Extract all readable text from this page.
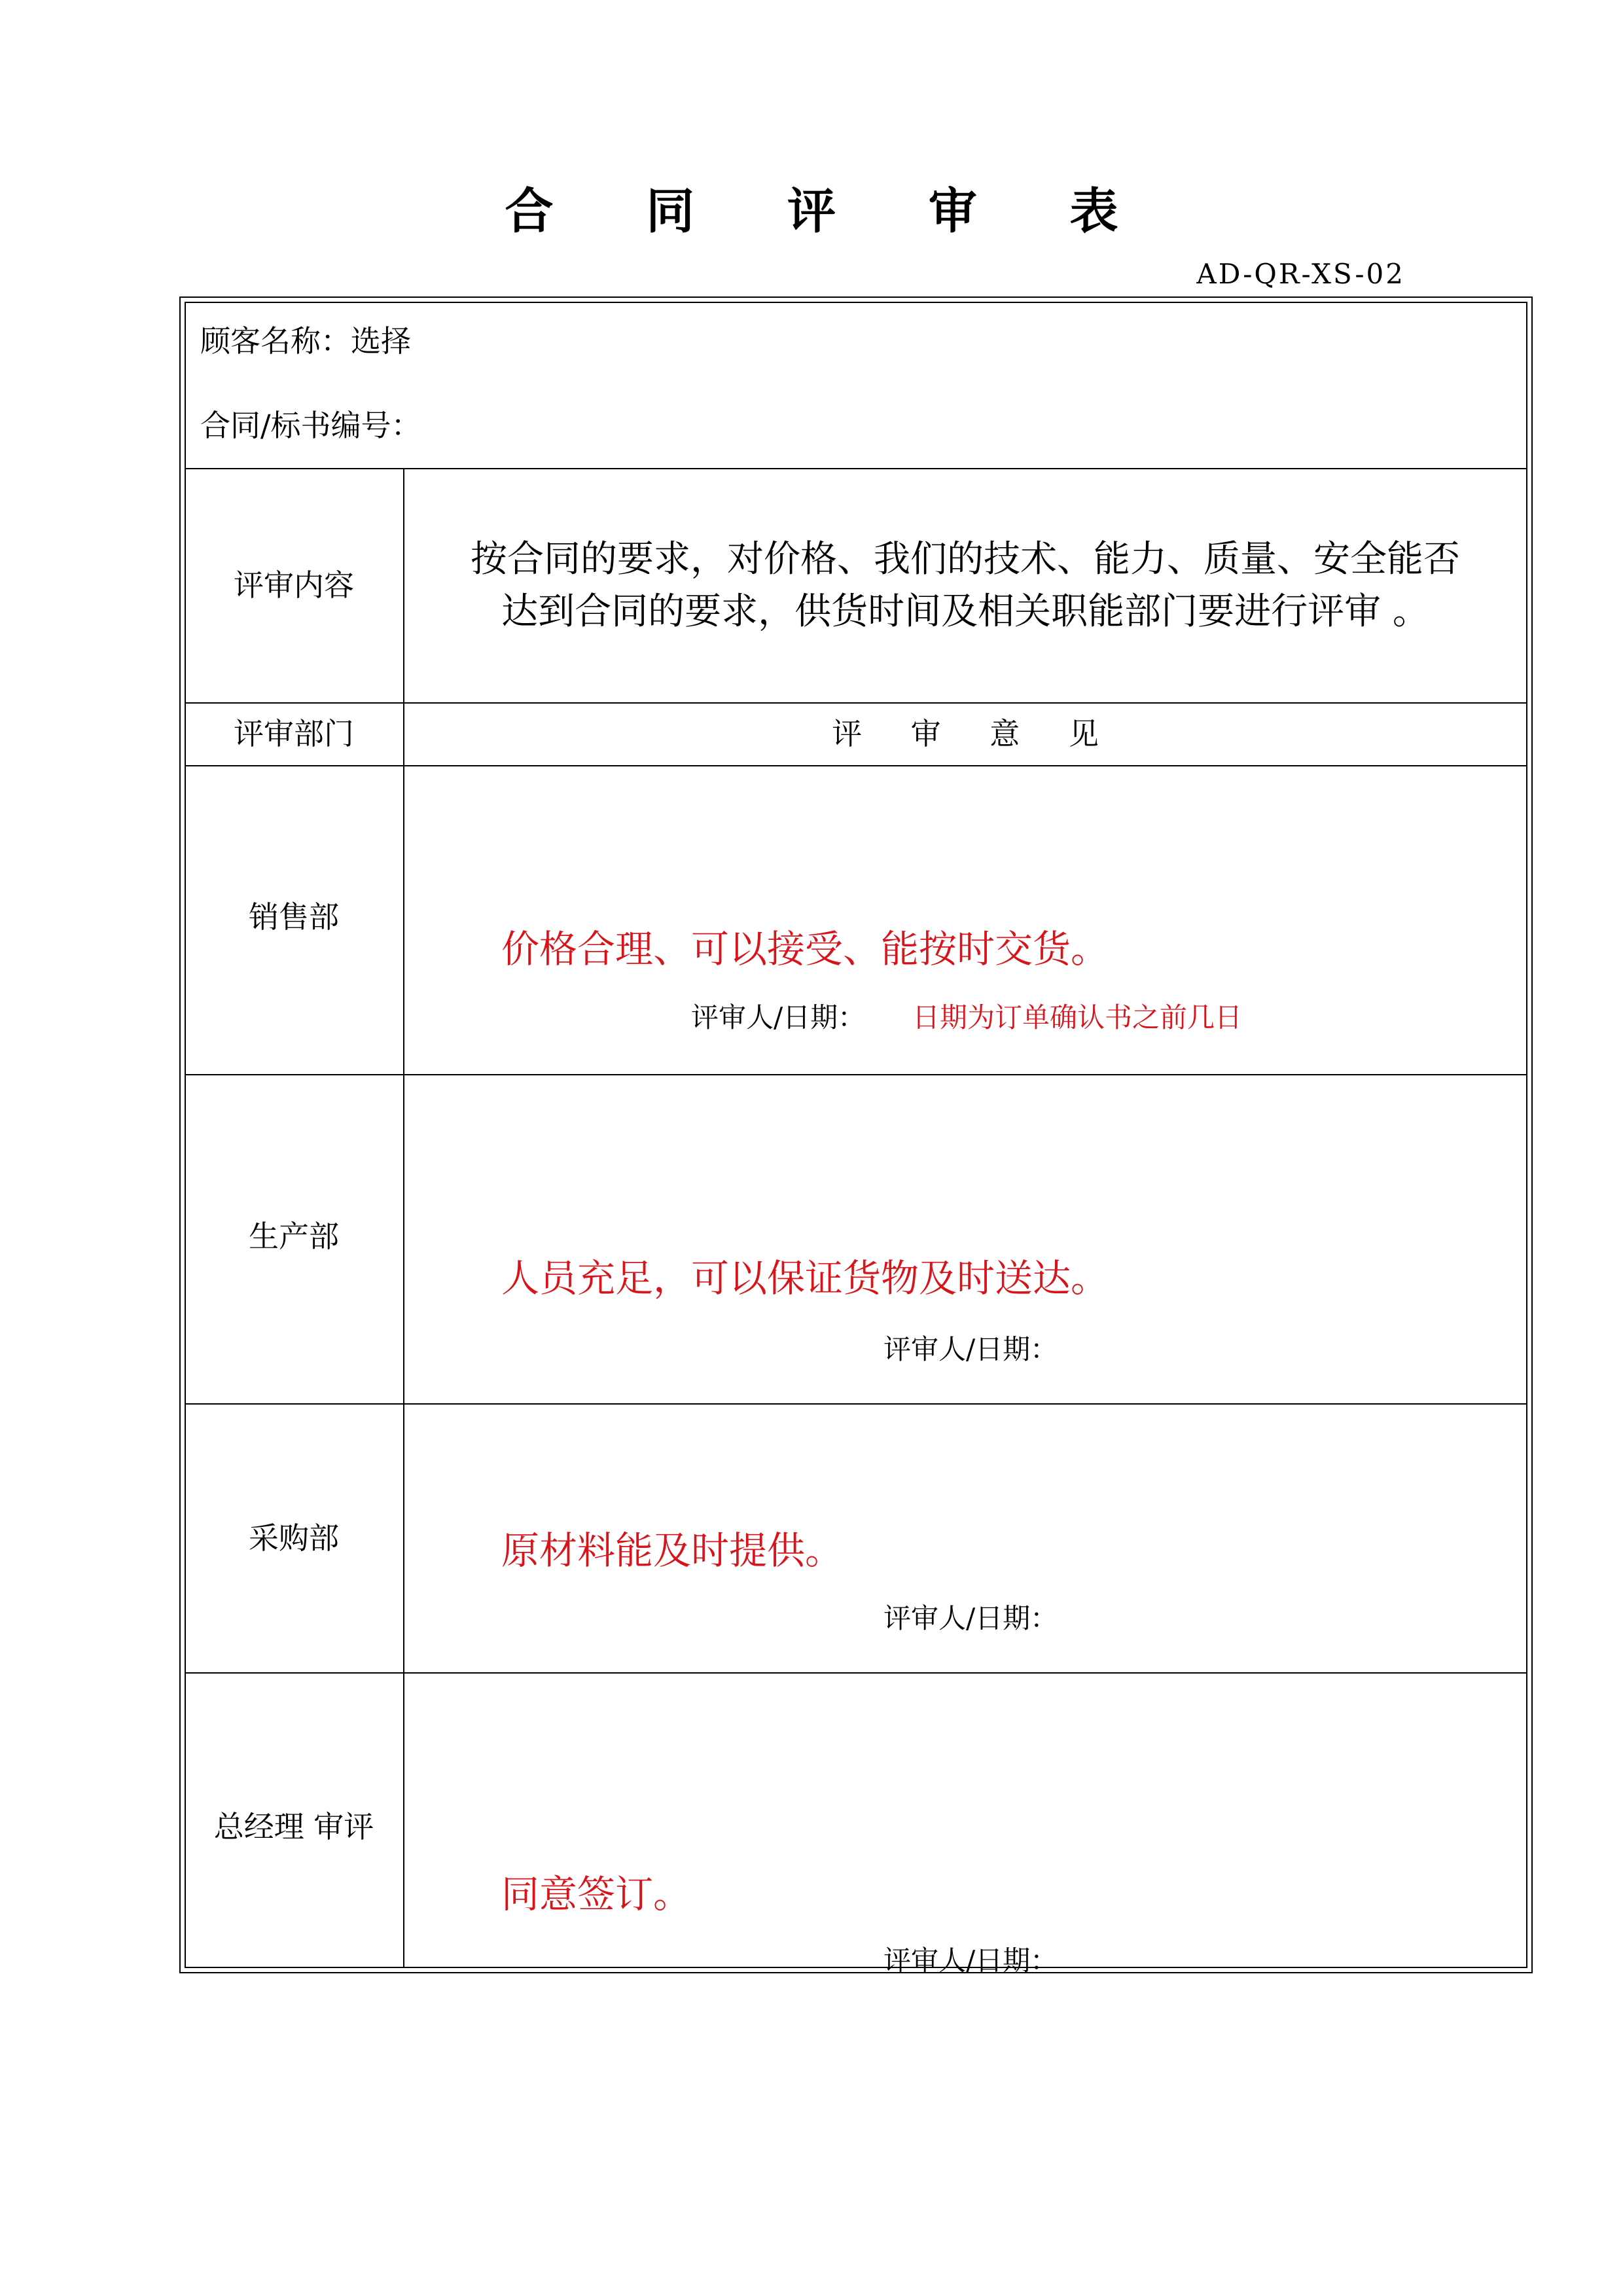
合 同 评 审 表
AD-QR-XS-02
顾客名称：选择
合同/标书编号：
评审内容
按合同的要求，对价格、我们的技术、能力、质量、安全能否
达到合同的要求，供货时间及相关职能部门要进行评审 。
评审部门	评 审 意 见
销售部
价格合理、可以接受、能按时交货。
评审人/日期： 日期为订单确认书之前几日
生产部
人员充足，可以保证货物及时送达。
评审人/日期：
采购部	原材料能及时提供。
评审人/日期：
总经理 审评
同意签订。
评审人/日期：
